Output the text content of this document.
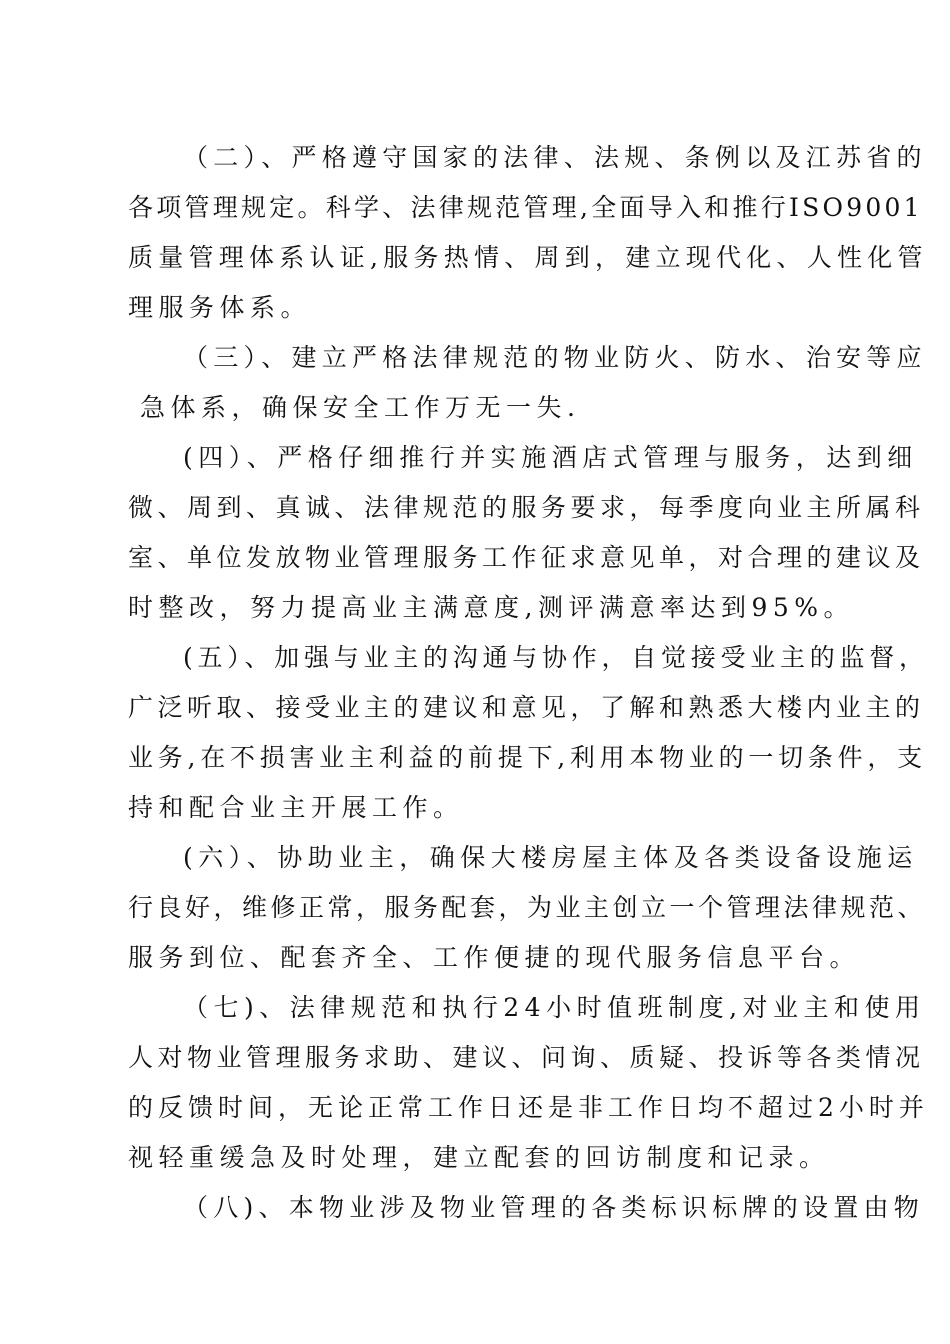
（二）、严格遵守国家的法律、法规、条例以及江苏省的
各项管理规定。科学、法律规范管理,全面导入和推行ISO9001
质量管理体系认证,服务热情、周到，建立现代化、人性化管
理服务体系。
（三）、建立严格法律规范的物业防火、防水、治安等应
急体系，确保安全工作万无一失.
(四）、严格仔细推行并实施酒店式管理与服务，达到细
微、周到、真诚、法律规范的服务要求，每季度向业主所属科
室、单位发放物业管理服务工作征求意见单，对合理的建议及
时整改，努力提高业主满意度,测评满意率达到95%。
(五）、加强与业主的沟通与协作，自觉接受业主的监督，
广泛听取、接受业主的建议和意见，了解和熟悉大楼内业主的
业务,在不损害业主利益的前提下,利用本物业的一切条件，支
持和配合业主开展工作。
(六）、协助业主，确保大楼房屋主体及各类设备设施运
行良好，维修正常，服务配套，为业主创立一个管理法律规范、
服务到位、配套齐全、工作便捷的现代服务信息平台。
（七)、法律规范和执行24小时值班制度,对业主和使用
人对物业管理服务求助、建议、问询、质疑、投诉等各类情况
的反馈时间，无论正常工作日还是非工作日均不超过2小时并
视轻重缓急及时处理，建立配套的回访制度和记录。
（八)、本物业涉及物业管理的各类标识标牌的设置由物
